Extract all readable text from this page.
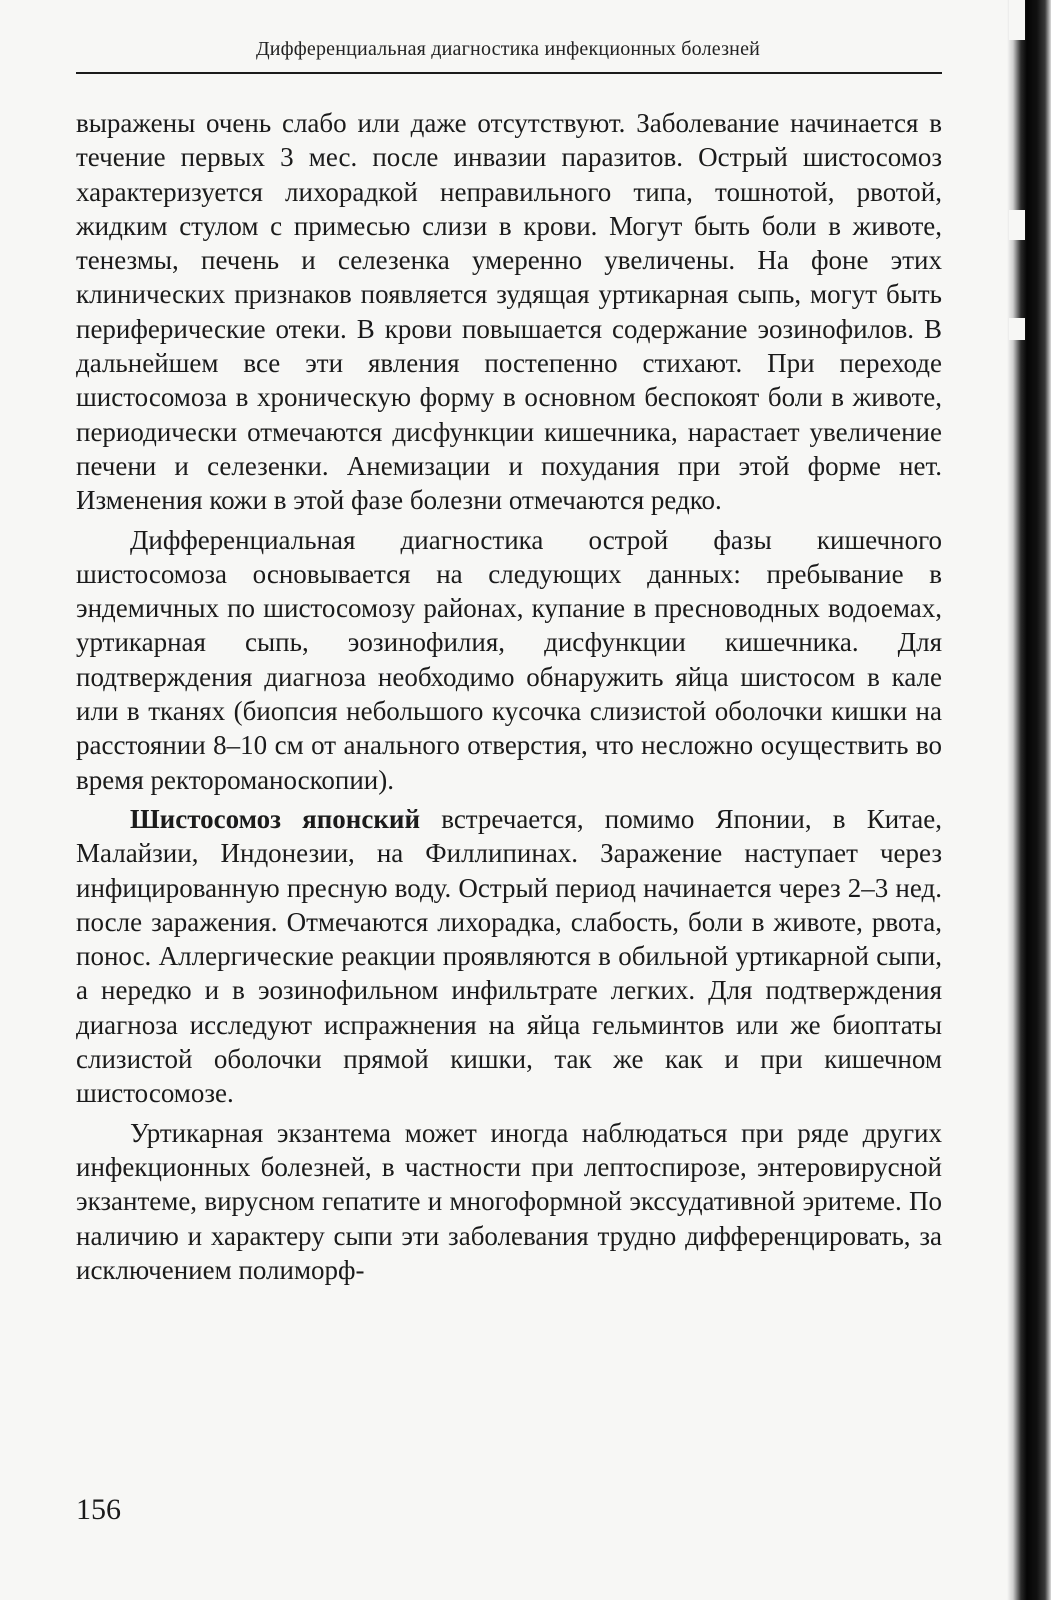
Дифференциальная диагностика инфекционных болезней

выражены очень слабо или даже отсутствуют. Заболевание начинается в течение первых 3 мес. после инвазии паразитов. Острый шистосомоз характеризуется лихорадкой неправильного типа, тошнотой, рвотой, жидким стулом с примесью слизи в крови. Могут быть боли в животе, тенезмы, печень и селезенка умеренно увеличены. На фоне этих клинических признаков появляется зудящая уртикарная сыпь, могут быть периферические отеки. В крови повышается содержание эозинофилов. В дальнейшем все эти явления постепенно стихают. При переходе шистосомоза в хроническую форму в основном беспокоят боли в животе, периодически отмечаются дисфункции кишечника, нарастает увеличение печени и селезенки. Анемизации и похудания при этой форме нет. Изменения кожи в этой фазе болезни отмечаются редко.

Дифференциальная диагностика острой фазы кишечного шистосомоза основывается на следующих данных: пребывание в эндемичных по шистосомозу районах, купание в пресноводных водоемах, уртикарная сыпь, эозинофилия, дисфункции кишечника. Для подтверждения диагноза необходимо обнаружить яйца шистосом в кале или в тканях (биопсия небольшого кусочка слизистой оболочки кишки на расстоянии 8–10 см от анального отверстия, что несложно осуществить во время ректороманоскопии).

Шистосомоз японский встречается, помимо Японии, в Китае, Малайзии, Индонезии, на Филлипинах. Заражение наступает через инфицированную пресную воду. Острый период начинается через 2–3 нед. после заражения. Отмечаются лихорадка, слабость, боли в животе, рвота, понос. Аллергические реакции проявляются в обильной уртикарной сыпи, а нередко и в эозинофильном инфильтрате легких. Для подтверждения диагноза исследуют испражнения на яйца гельминтов или же биоптаты слизистой оболочки прямой кишки, так же как и при кишечном шистосомозе.

Уртикарная экзантема может иногда наблюдаться при ряде других инфекционных болезней, в частности при лептоспирозе, энтеровирусной экзантеме, вирусном гепатите и многоформной экссудативной эритеме. По наличию и характеру сыпи эти заболевания трудно дифференцировать, за исключением полиморф-

156
